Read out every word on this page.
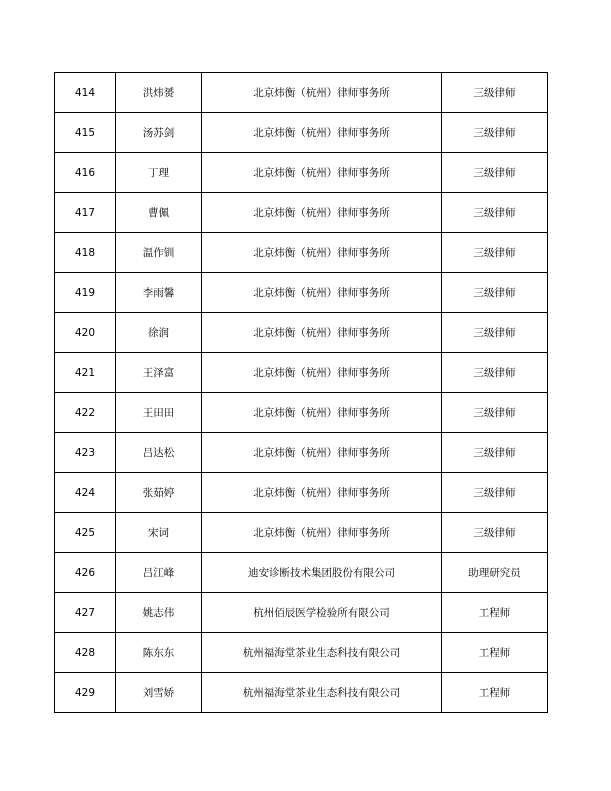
414	洪炜赟	北京炜衡（杭州）律师事务所	三级律师
415	汤苏剑	北京炜衡（杭州）律师事务所	三级律师
416	丁理	北京炜衡（杭州）律师事务所	三级律师
417	曹佩	北京炜衡（杭州）律师事务所	三级律师
418	温作钏	北京炜衡（杭州）律师事务所	三级律师
419	李雨馨	北京炜衡（杭州）律师事务所	三级律师
420	徐润	北京炜衡（杭州）律师事务所	三级律师
421	王泽富	北京炜衡（杭州）律师事务所	三级律师
422	王田田	北京炜衡（杭州）律师事务所	三级律师
423	吕达松	北京炜衡（杭州）律师事务所	三级律师
424	张茹婷	北京炜衡（杭州）律师事务所	三级律师
425	宋词	北京炜衡（杭州）律师事务所	三级律师
426	吕江峰	迪安诊断技术集团股份有限公司	助理研究员
427	姚志伟	杭州佰辰医学检验所有限公司	工程师
428	陈东东	杭州福海堂茶业生态科技有限公司	工程师
429	刘雪娇	杭州福海堂茶业生态科技有限公司	工程师
